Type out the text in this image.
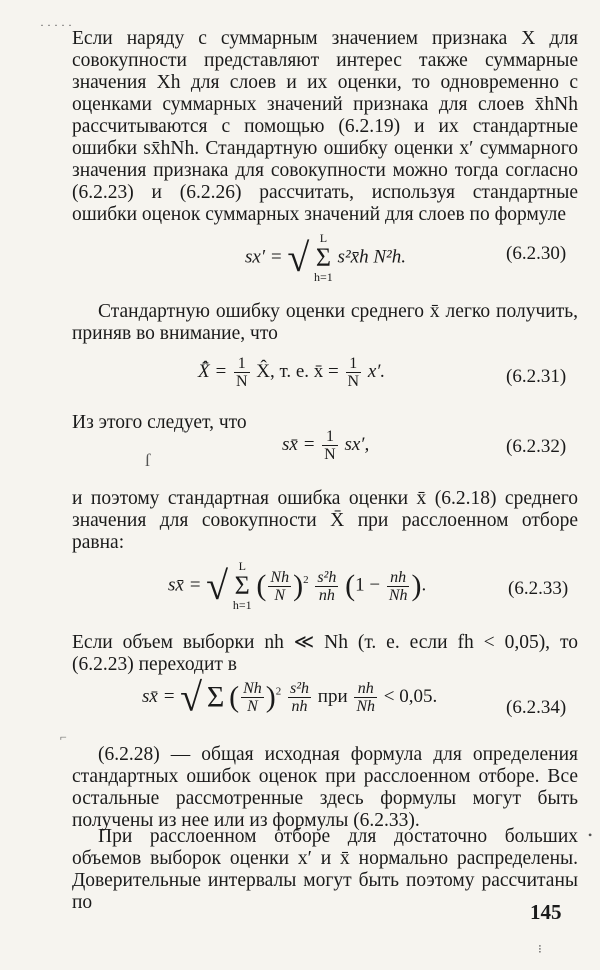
· · · · ·

Если наряду с суммарным значением признака X для совокупности представляют интерес также суммарные значения Xh для слоев и их оценки, то одновременно с оценками суммарных значений признака для слоев x̄hNh рассчитываются с помощью (6.2.19) и их стандартные ошибки sx̄hNh. Стандартную ошибку оценки x′ суммарного значения признака для совокупности можно тогда согласно (6.2.23) и (6.2.26) рассчитать, используя стандартные ошибки оценок суммарных значений для слоев по формуле

sx′ = √ L
Σ
h=1
s²x̄h N²h.	(6.2.30)

Стандартную ошибку оценки среднего x̄ легко получить, приняв во внимание, что

X̂̄ = $\frac{1}{N}$ X̂, т. е. x̄ = $\frac{1}{N} x'$.	(6.2.31)

Из этого следует, что

sx̄ = $\frac{1}{N} sx'$,	(6.2.32)
ſ

и поэтому стандартная ошибка оценки x̄ (6.2.18) среднего значения для совокупности X̄ при расслоенном отборе равна:

sx̄ = √ L
Σ
h=1
( $\frac{Nh}{N} )^2 \frac{\text{s²h}}{nh} (1 - \frac{nh}{Nh}$ ).	(6.2.33)

Если объем выборки nh ≪ Nh (т. е. если fh < 0,05), то (6.2.23) переходит в

sx̄ = √ Σ ( $\frac{Nh}{N} )^2 \frac{\text{s²h}}{nh}$ при $\frac{nh}{Nh} < 0,05$.
(6.2.34)
⌐

(6.2.28) — общая исходная формула для определения стандартных ошибок оценок при расслоенном отборе. Все остальные рассмотренные здесь формулы могут быть получены из нее или из формулы (6.2.33).

При расслоенном отборе для достаточно больших объемов выборок оценки x′ и x̄ нормально распределены. Доверительные интервалы могут быть поэтому рассчитаны по

•
145
⁝
